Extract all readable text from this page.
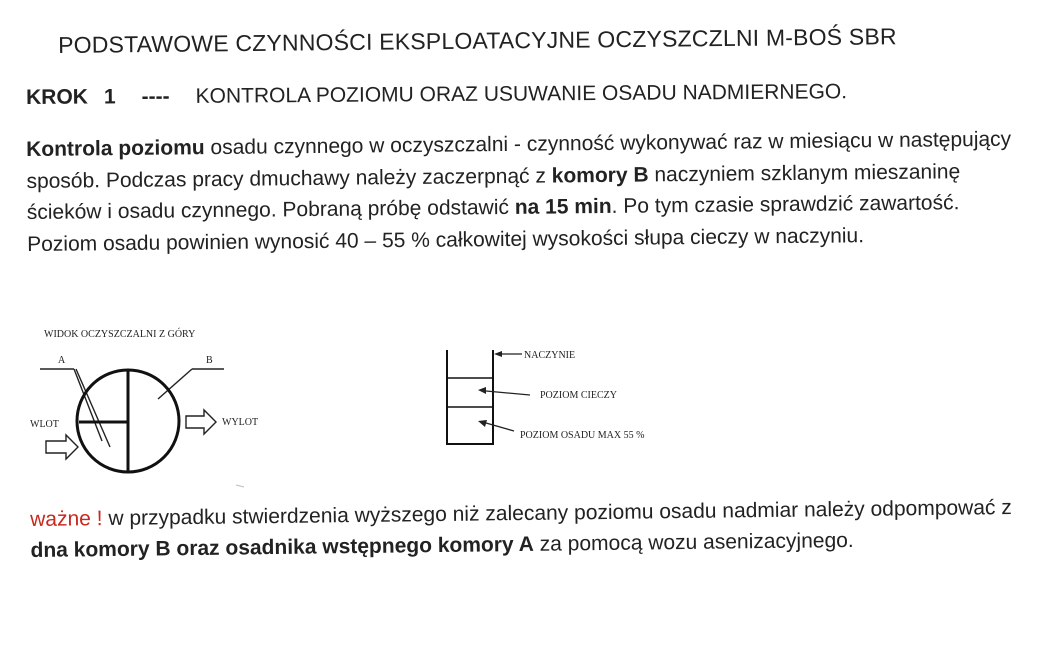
PODSTAWOWE CZYNNOŚCI EKSPLOATACYJNE OCZYSZCZLNI M-BOŚ SBR
KROK 1 ---- KONTROLA POZIOMU ORAZ USUWANIE OSADU NADMIERNEGO.
Kontrola poziomu osadu czynnego w oczyszczalni - czynność wykonywać raz w miesiącu w następujący sposób. Podczas pracy dmuchawy należy zaczerpnąć z komory B naczyniem szklanym mieszaninę ścieków i osadu czynnego. Pobraną próbę odstawić na 15 min. Po tym czasie sprawdzić zawartość. Poziom osadu powinien wynosić 40 – 55 % całkowitej wysokości słupa cieczy w naczyniu.
WIDOK OCZYSZCZALNI Z GÓRY
A	B
WLOT	WYLOT
NACZYNIE
POZIOM CIECZY
POZIOM OSADU MAX 55 %
ważne ! w przypadku stwierdzenia wyższego niż zalecany poziomu osadu nadmiar należy odpompować z dna komory B oraz osadnika wstępnego komory A za pomocą wozu asenizacyjnego.
